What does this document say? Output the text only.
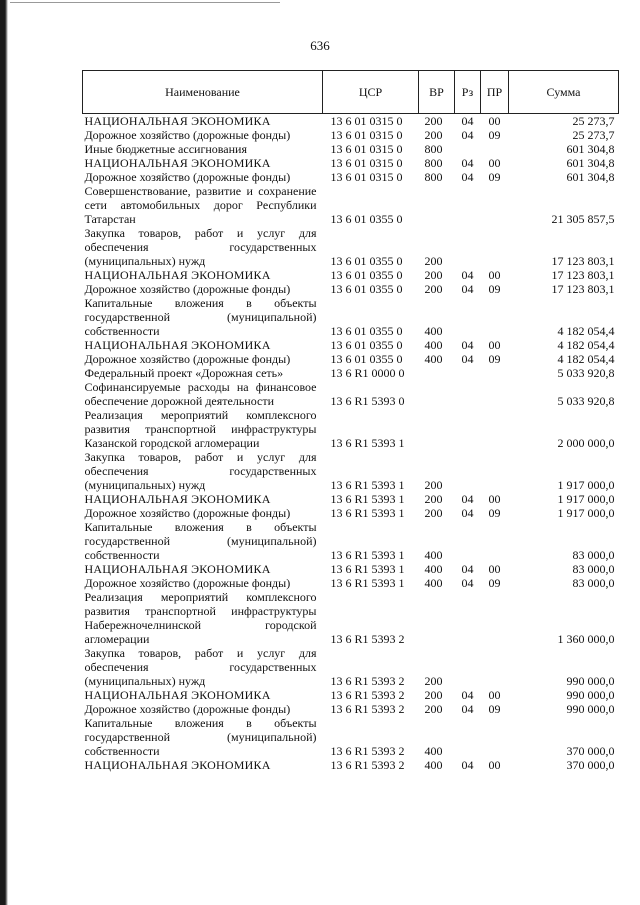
636
Наименование	ЦСР	ВР	Рз	ПР	Сумма
НАЦИОНАЛЬНАЯ ЭКОНОМИКА	13 6 01 0315 0	200	04	00	25 273,7
Дорожное хозяйство (дорожные фонды)	13 6 01 0315 0	200	04	09	25 273,7
Иные бюджетные ассигнования	13 6 01 0315 0	800			601 304,8
НАЦИОНАЛЬНАЯ ЭКОНОМИКА	13 6 01 0315 0	800	04	00	601 304,8
Дорожное хозяйство (дорожные фонды)	13 6 01 0315 0	800	04	09	601 304,8
Совершенствование, развитие и сохранение сети автомобильных дорог Республики Татарстан	13 6 01 0355 0				21 305 857,5
Закупка товаров, работ и услуг для обеспечения государственных (муниципальных) нужд	13 6 01 0355 0	200			17 123 803,1
НАЦИОНАЛЬНАЯ ЭКОНОМИКА	13 6 01 0355 0	200	04	00	17 123 803,1
Дорожное хозяйство (дорожные фонды)	13 6 01 0355 0	200	04	09	17 123 803,1
Капитальные вложения в объекты государственной (муниципальной) собственности	13 6 01 0355 0	400			4 182 054,4
НАЦИОНАЛЬНАЯ ЭКОНОМИКА	13 6 01 0355 0	400	04	00	4 182 054,4
Дорожное хозяйство (дорожные фонды)	13 6 01 0355 0	400	04	09	4 182 054,4
Федеральный проект «Дорожная сеть»	13 6 R1 0000 0				5 033 920,8
Софинансируемые расходы на финансовое обеспечение дорожной деятельности	13 6 R1 5393 0				5 033 920,8
Реализация мероприятий комплексного развития транспортной инфраструктуры Казанской городской агломерации	13 6 R1 5393 1				2 000 000,0
Закупка товаров, работ и услуг для обеспечения государственных (муниципальных) нужд	13 6 R1 5393 1	200			1 917 000,0
НАЦИОНАЛЬНАЯ ЭКОНОМИКА	13 6 R1 5393 1	200	04	00	1 917 000,0
Дорожное хозяйство (дорожные фонды)	13 6 R1 5393 1	200	04	09	1 917 000,0
Капитальные вложения в объекты государственной (муниципальной) собственности	13 6 R1 5393 1	400			83 000,0
НАЦИОНАЛЬНАЯ ЭКОНОМИКА	13 6 R1 5393 1	400	04	00	83 000,0
Дорожное хозяйство (дорожные фонды)	13 6 R1 5393 1	400	04	09	83 000,0
Реализация мероприятий комплексного развития транспортной инфраструктуры Набережночелнинской городской агломерации	13 6 R1 5393 2				1 360 000,0
Закупка товаров, работ и услуг для обеспечения государственных (муниципальных) нужд	13 6 R1 5393 2	200			990 000,0
НАЦИОНАЛЬНАЯ ЭКОНОМИКА	13 6 R1 5393 2	200	04	00	990 000,0
Дорожное хозяйство (дорожные фонды)	13 6 R1 5393 2	200	04	09	990 000,0
Капитальные вложения в объекты государственной (муниципальной) собственности	13 6 R1 5393 2	400			370 000,0
НАЦИОНАЛЬНАЯ ЭКОНОМИКА	13 6 R1 5393 2	400	04	00	370 000,0
